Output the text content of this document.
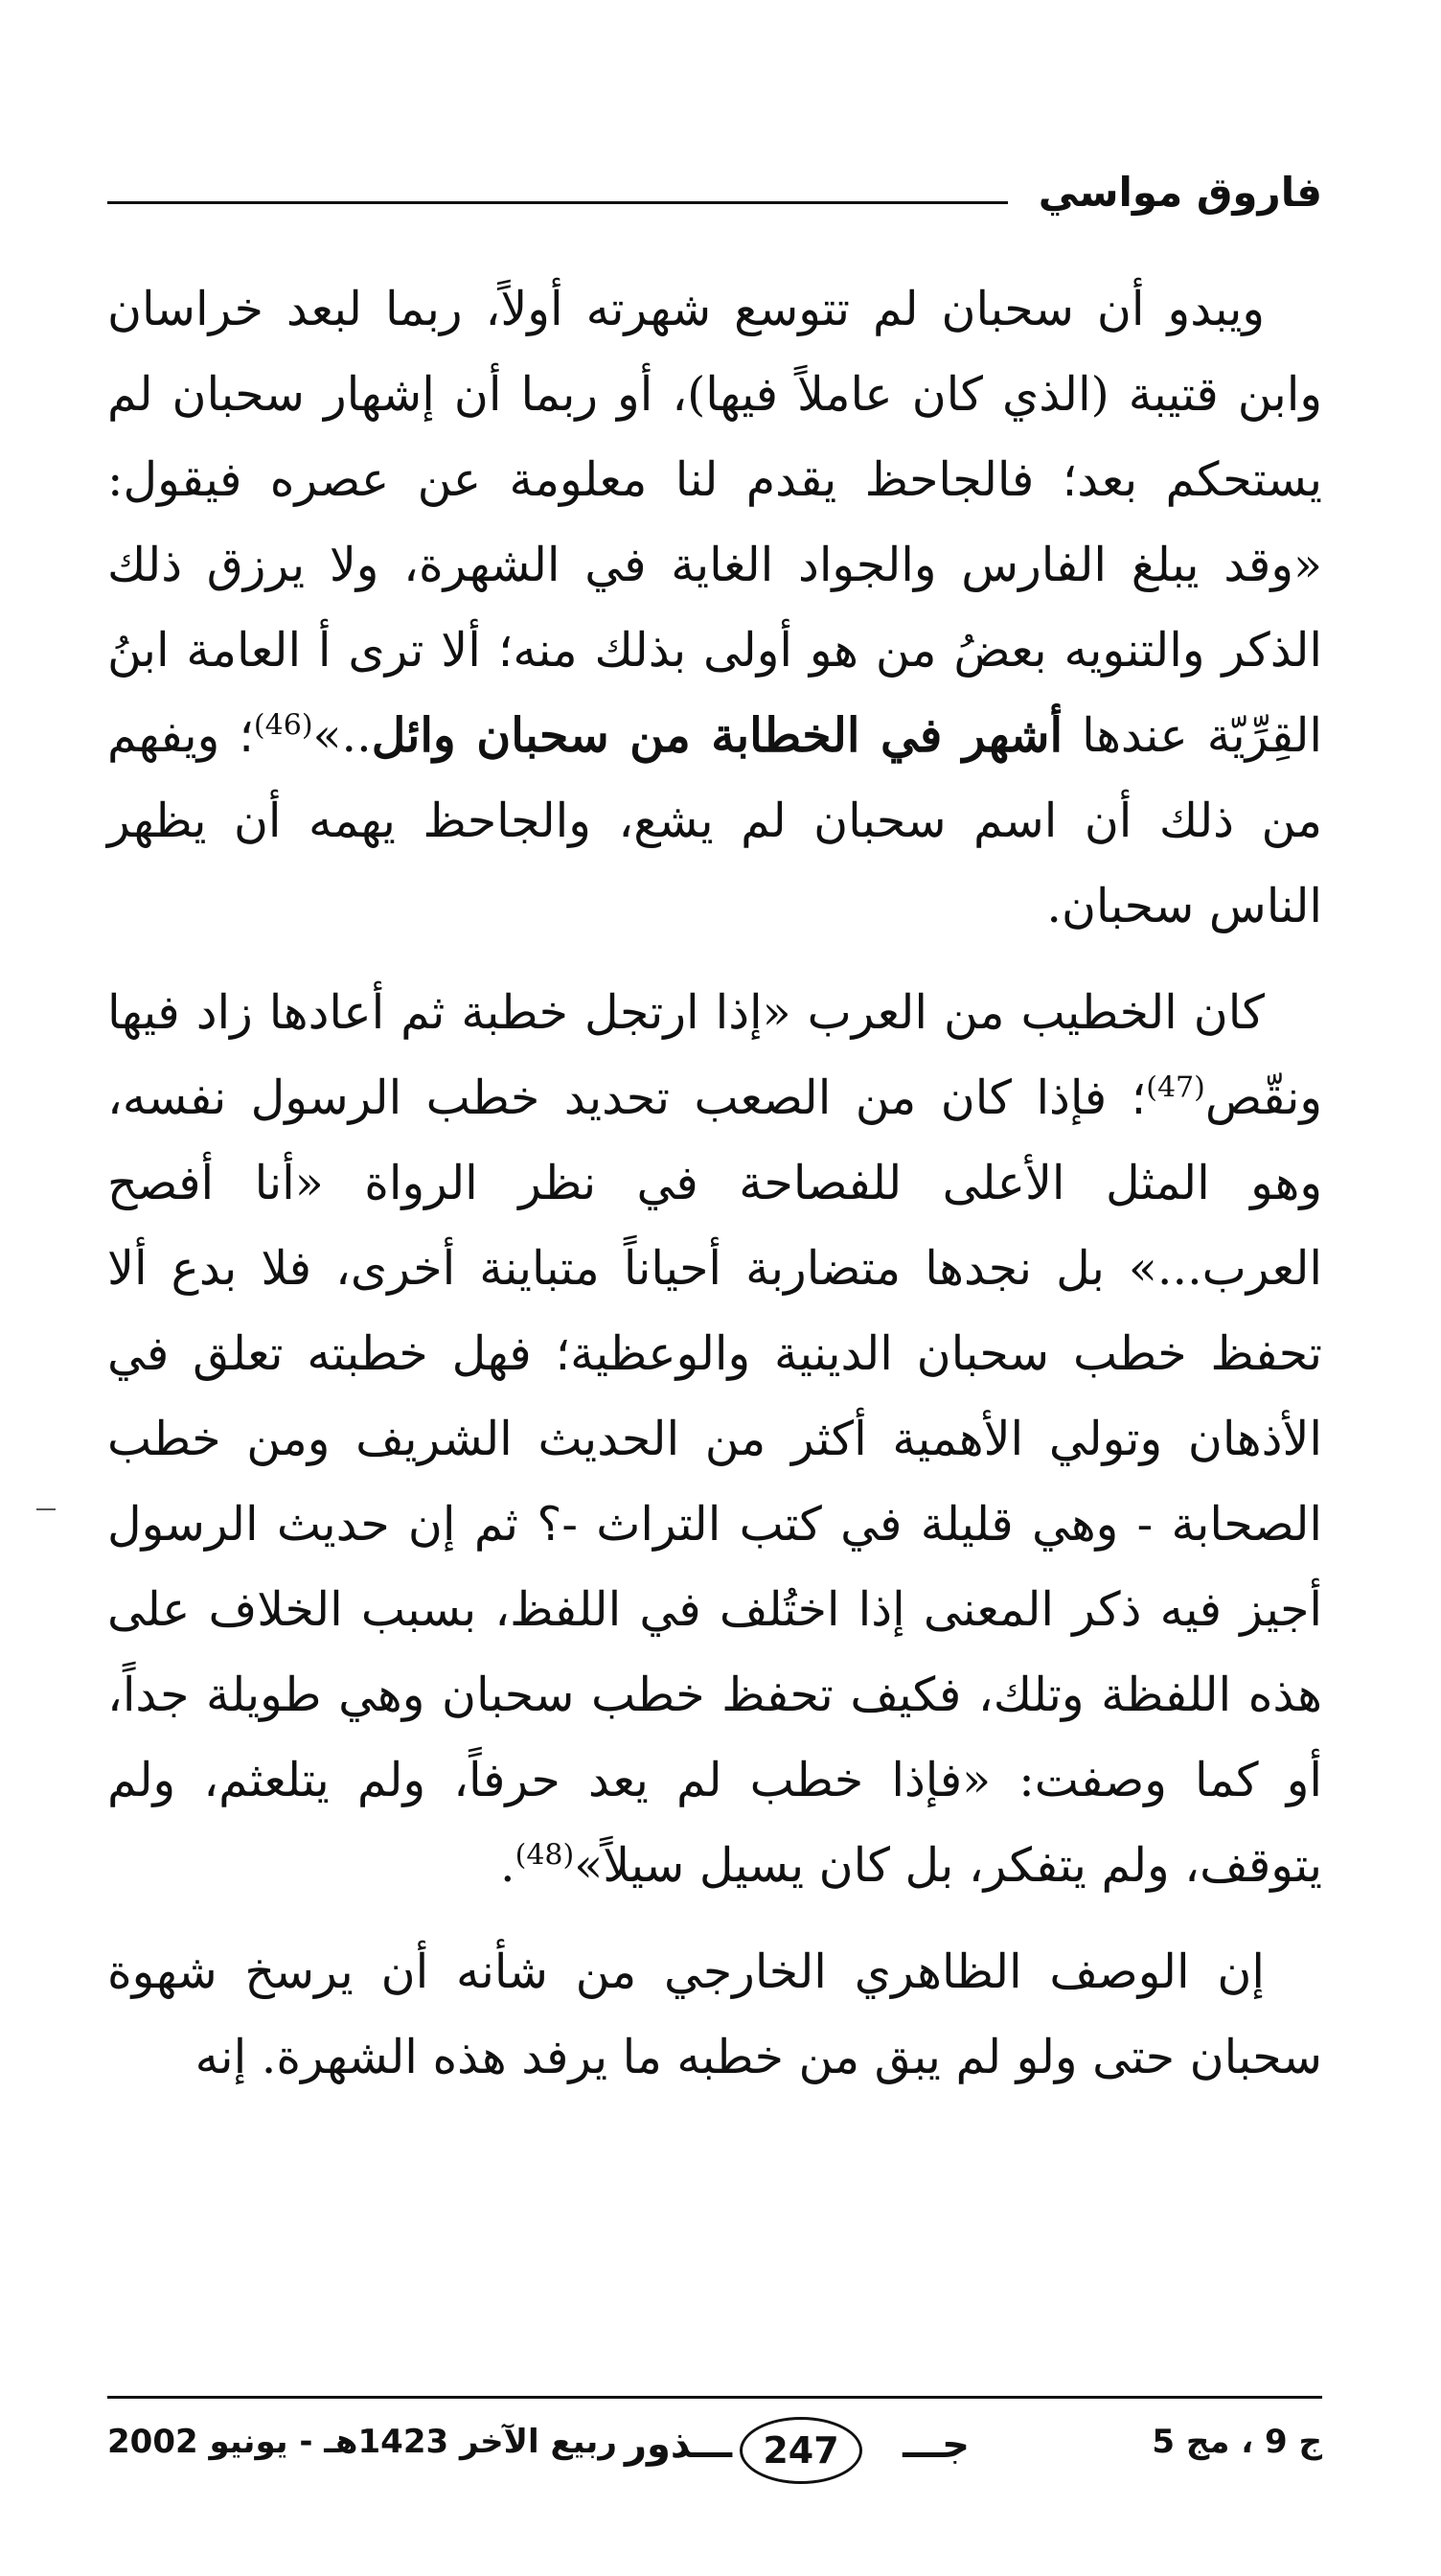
فاروق مواسي

ويبدو أن سحبان لم تتوسع شهرته أولاً، ربما لبعد خراسان وابن قتيبة (الذي كان عاملاً فيها)، أو ربما أن إشهار سحبان لم يستحكم بعد؛ فالجاحظ يقدم لنا معلومة عن عصره فيقول: «وقد يبلغ الفارس والجواد الغاية في الشهرة، ولا يرزق ذلك الذكر والتنويه بعضُ من هو أولى بذلك منه؛ ألا ترى أ العامة ابنُ القِرِّيّة عندها أشهر في الخطابة من سحبان وائل..»$^{(46)}$؛ ويفهم من ذلك أن اسم سحبان لم يشع، والجاحظ يهمه أن يظهر الناس سحبان.

كان الخطيب من العرب «إذا ارتجل خطبة ثم أعادها زاد فيها ونقّص$^{(47)}$؛ فإذا كان من الصعب تحديد خطب الرسول نفسه، وهو المثل الأعلى للفصاحة في نظر الرواة «أنا أفصح العرب...» بل نجدها متضاربة أحياناً متباينة أخرى، فلا بدع ألا تحفظ خطب سحبان الدينية والوعظية؛ فهل خطبته تعلق في الأذهان وتولي الأهمية أكثر من الحديث الشريف ومن خطب الصحابة - وهي قليلة في كتب التراث -؟ ثم إن حديث الرسول أجيز فيه ذكر المعنى إذا اختُلف في اللفظ، بسبب الخلاف على هذه اللفظة وتلك، فكيف تحفظ خطب سحبان وهي طويلة جداً، أو كما وصفت: «فإذا خطب لم يعد حرفاً، ولم يتلعثم، ولم يتوقف، ولم يتفكر، بل كان يسيل سيلاً»$^{(48)}$.

إن الوصف الظاهري الخارجي من شأنه أن يرسخ شهوة سحبان حتى ولو لم يبق من خطبه ما يرفد هذه الشهرة. إنه

ج 9 ، مج 5
جـــ
247
ـــذور
ربيع الآخر 1423هـ - يونيو 2002
